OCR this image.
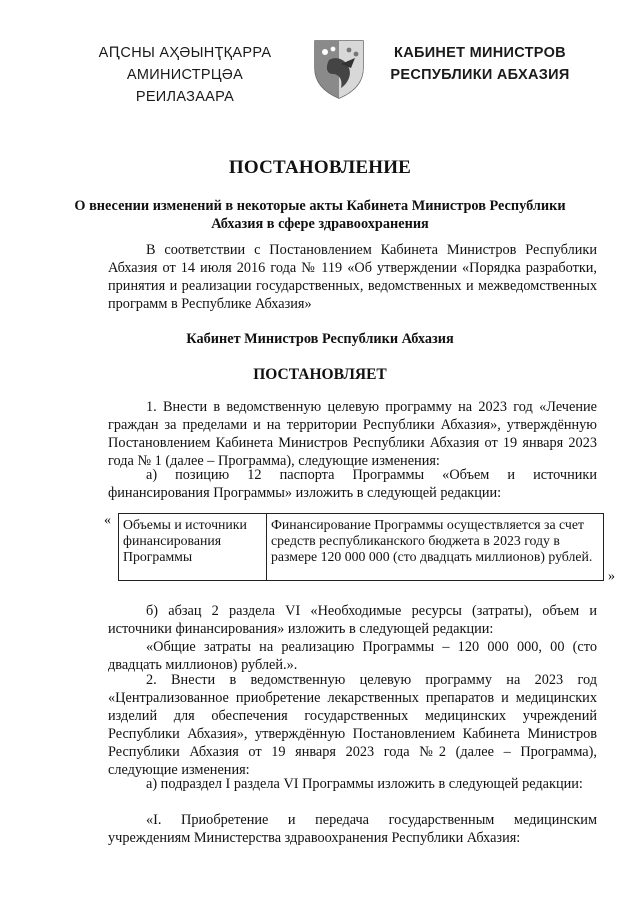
АԤСНЫ АҲӘЫНҬҚАРРА
АМИНИСТРЦӘА РЕИЛАЗААРА
КАБИНЕТ МИНИСТРОВ
РЕСПУБЛИКИ АБХАЗИЯ
ПОСТАНОВЛЕНИЕ
О внесении изменений в некоторые акты Кабинета Министров Республики Абхазия в сфере здравоохранения
В соответствии с Постановлением Кабинета Министров Республики Абхазия от 14 июля 2016 года № 119 «Об утверждении «Порядка разработки, принятия и реализации государственных, ведомственных и межведомственных программ в Республике Абхазия»
Кабинет Министров Республики Абхазия
ПОСТАНОВЛЯЕТ
1. Внести в ведомственную целевую программу на 2023 год «Лечение граждан за пределами и на территории Республики Абхазия», утверждённую Постановлением Кабинета Министров Республики Абхазия от 19 января 2023 года № 1 (далее – Программа), следующие изменения:
а) позицию 12 паспорта Программы «Объем и источники финансирования Программы» изложить в следующей редакции:
« Объемы и источники финансирования Программы
Финансирование Программы осуществляется за счет средств республиканского бюджета в 2023 году в размере 120 000 000 (сто двадцать миллионов) рублей.
»
б) абзац 2 раздела VI «Необходимые ресурсы (затраты), объем и источники финансирования» изложить в следующей редакции:
«Общие затраты на реализацию Программы – 120 000 000, 00 (сто двадцать миллионов) рублей.».
2. Внести в ведомственную целевую программу на 2023 год «Централизованное приобретение лекарственных препаратов и медицинских изделий для обеспечения государственных медицинских учреждений Республики Абхазия», утверждённую Постановлением Кабинета Министров Республики Абхазия от 19 января 2023 года №2 (далее – Программа), следующие изменения:
а) подраздел I раздела VI Программы изложить в следующей редакции:
«I. Приобретение и передача государственным медицинским учреждениям Министерства здравоохранения Республики Абхазия:
